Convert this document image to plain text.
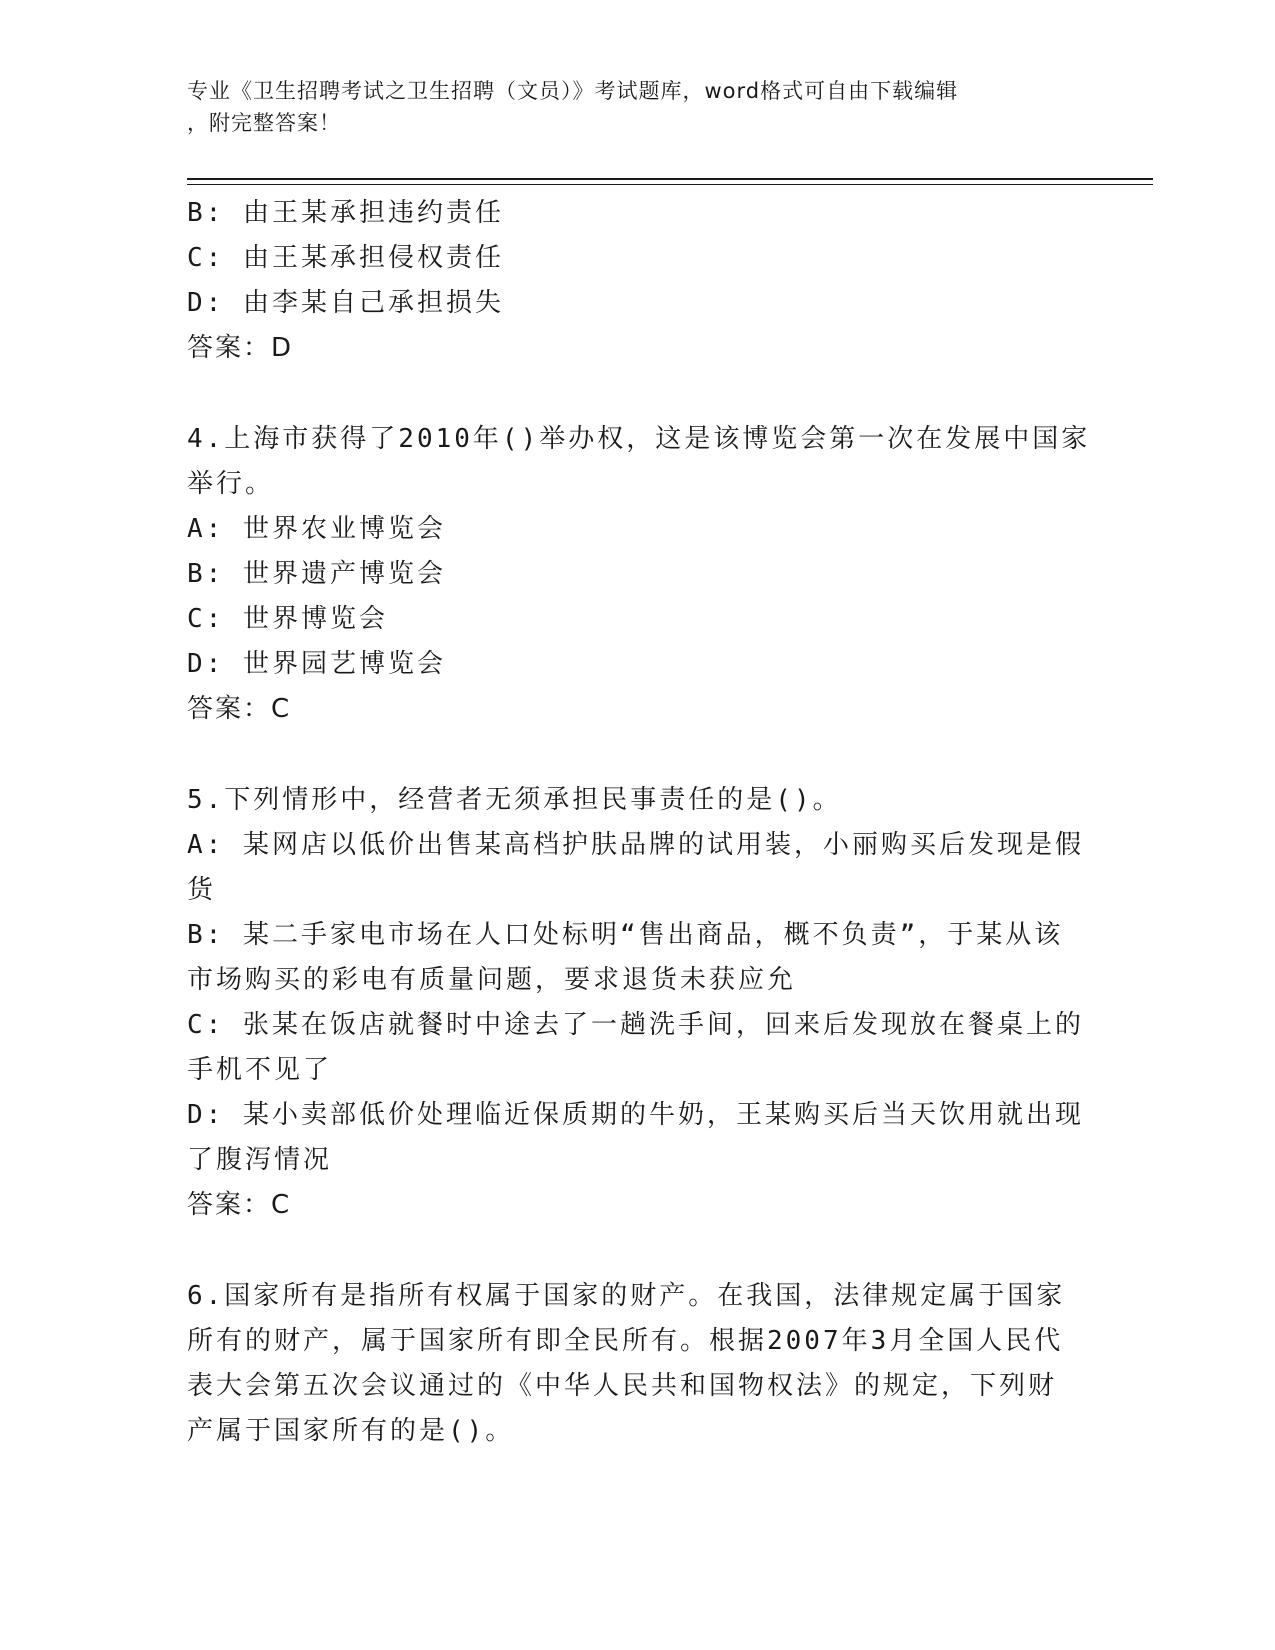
专业《卫生招聘考试之卫生招聘（文员）》考试题库，word格式可自由下载编辑
，附完整答案！
B: 由王某承担违约责任
C: 由王某承担侵权责任
D: 由李某自己承担损失
答案：D
4.上海市获得了2010年()举办权，这是该博览会第一次在发展中国家
举行。
A: 世界农业博览会
B: 世界遗产博览会
C: 世界博览会
D: 世界园艺博览会
答案：C
5.下列情形中，经营者无须承担民事责任的是()。
A: 某网店以低价出售某高档护肤品牌的试用装，小丽购买后发现是假
货
B: 某二手家电市场在人口处标明“售出商品，概不负责”，于某从该
市场购买的彩电有质量问题，要求退货未获应允
C: 张某在饭店就餐时中途去了一趟洗手间，回来后发现放在餐桌上的
手机不见了
D: 某小卖部低价处理临近保质期的牛奶，王某购买后当天饮用就出现
了腹泻情况
答案：C
6.国家所有是指所有权属于国家的财产。在我国，法律规定属于国家
所有的财产，属于国家所有即全民所有。根据2007年3月全国人民代
表大会第五次会议通过的《中华人民共和国物权法》的规定，下列财
产属于国家所有的是()。
